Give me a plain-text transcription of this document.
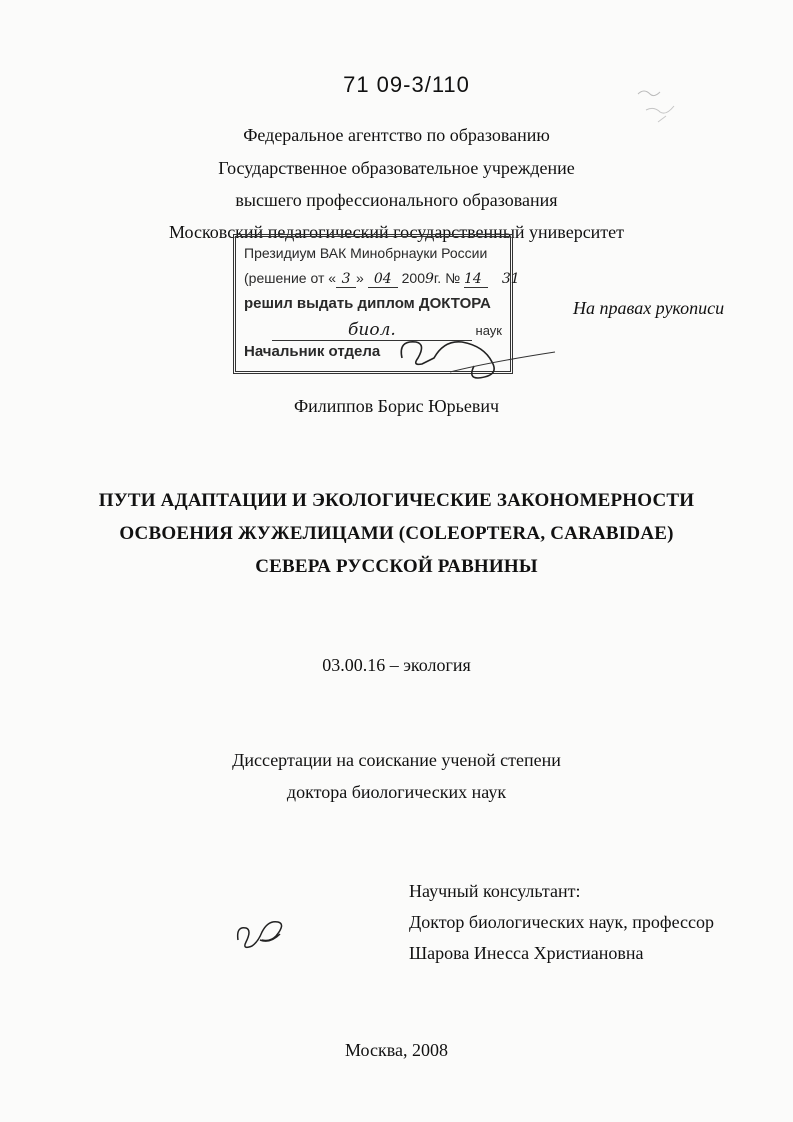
71 09-3/110
Федеральное агентство по образованию
Государственное образовательное учреждение
высшего профессионального образования
Московский педагогический государственный университет
Президиум ВАК Минобрнауки России
(решение от « 3 » 04 2009г. № 14 31
решил выдать диплом ДОКТОРА
биол.	наук
Начальник отдела
На правах рукописи
Филиппов Борис Юрьевич
ПУТИ АДАПТАЦИИ И ЭКОЛОГИЧЕСКИЕ ЗАКОНОМЕРНОСТИ
ОСВОЕНИЯ ЖУЖЕЛИЦАМИ (COLEOPTERA, CARABIDAE)
СЕВЕРА РУССКОЙ РАВНИНЫ
03.00.16 – экология
Диссертации на соискание ученой степени
доктора биологических наук
Научный консультант:
Доктор биологических наук, профессор
Шарова Инесса Христиановна
Москва, 2008
